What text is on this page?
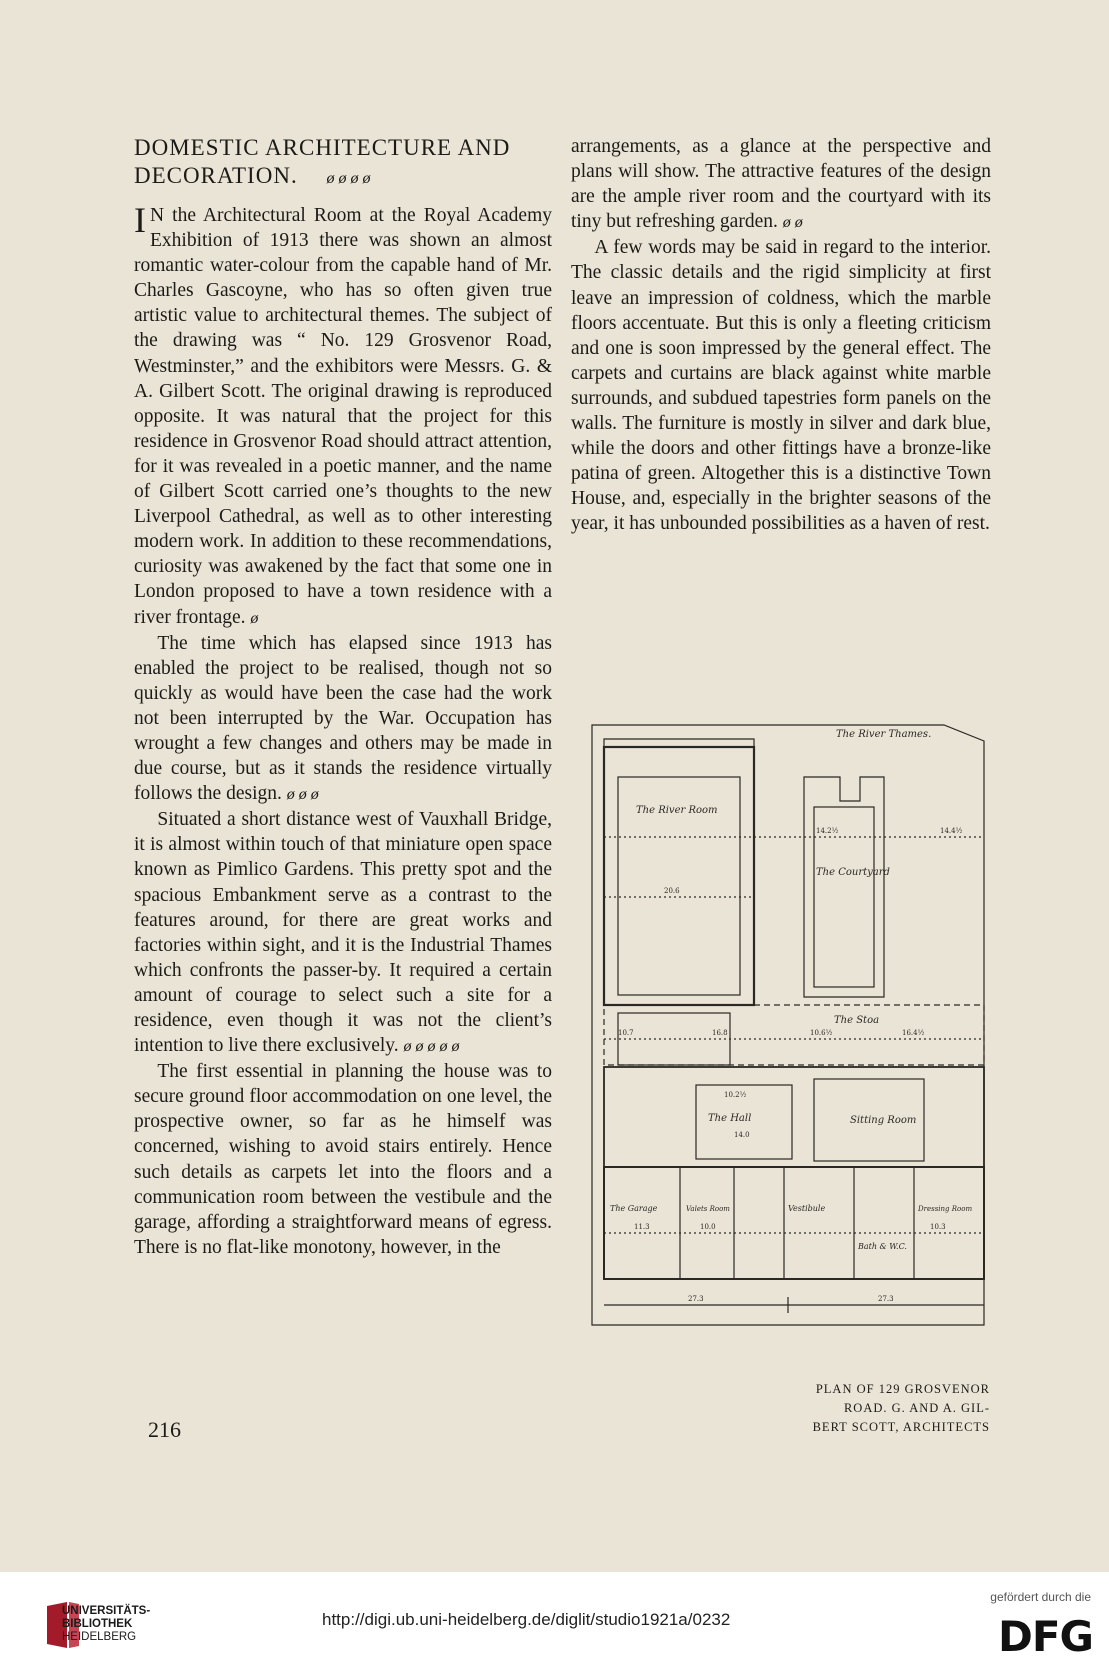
DOMESTIC ARCHITECTURE AND
DECORATION. ø ø ø ø

I N the Architectural Room at the Royal Academy Exhibition of 1913 there was shown an almost romantic water-colour from the capable hand of Mr. Charles Gascoyne, who has so often given true artistic value to architectural themes. The subject of the drawing was “ No. 129 Grosvenor Road, Westminster,” and the exhibitors were Messrs. G. & A. Gilbert Scott. The original drawing is reproduced opposite. It was natural that the project for this residence in Grosvenor Road should attract attention, for it was revealed in a poetic manner, and the name of Gilbert Scott carried one’s thoughts to the new Liverpool Cathedral, as well as to other interesting modern work. In addition to these recommendations, curiosity was awakened by the fact that some one in London proposed to have a town residence with a river frontage. ø

The time which has elapsed since 1913 has enabled the project to be realised, though not so quickly as would have been the case had the work not been interrupted by the War. Occupation has wrought a few changes and others may be made in due course, but as it stands the residence virtually follows the design. ø ø ø

Situated a short distance west of Vauxhall Bridge, it is almost within touch of that miniature open space known as Pimlico Gardens. This pretty spot and the spacious Embankment serve as a contrast to the features around, for there are great works and factories within sight, and it is the Industrial Thames which confronts the passer-by. It required a certain amount of courage to select such a site for a residence, even though it was not the client’s intention to live there exclusively. ø ø ø ø ø

The first essential in planning the house was to secure ground floor accommodation on one level, the prospective owner, so far as he himself was concerned, wishing to avoid stairs entirely. Hence such details as carpets let into the floors and a communication room between the vestibule and the garage, affording a straightforward means of egress. There is no flat-like monotony, however, in the

arrangements, as a glance at the perspective and plans will show. The attractive features of the design are the ample river room and the courtyard with its tiny but refreshing garden. ø ø

A few words may be said in regard to the interior. The classic details and the rigid simplicity at first leave an impression of coldness, which the marble floors accentuate. But this is only a fleeting criticism and one is soon impressed by the general effect. The carpets and curtains are black against white marble surrounds, and subdued tapestries form panels on the walls. The furniture is mostly in silver and dark blue, while the doors and other fittings have a bronze-like patina of green. Altogether this is a distinctive Town House, and, especially in the brighter seasons of the year, it has unbounded possibilities as a haven of rest.

216
The River Thames.
The River Room
The Courtyard
The Stoa
The Hall	Sitting Room
The Garage	Valets Room	Vestibule	Dressing Room
Bath & W.C.
14.2½	14.4½
20.6
10.7	16.8	10.6½	16.4½
10.2½
14.0
11.3	10.0	10.3
27.3	27.3
PLAN OF 129 GROSVENOR
ROAD. G. AND A. GIL-
BERT SCOTT, ARCHITECTS
UNIVERSITÄTS-
BIBLIOTHEK
HEIDELBERG
http://digi.ub.uni-heidelberg.de/diglit/studio1921a/0232
gefördert durch die
DFG
